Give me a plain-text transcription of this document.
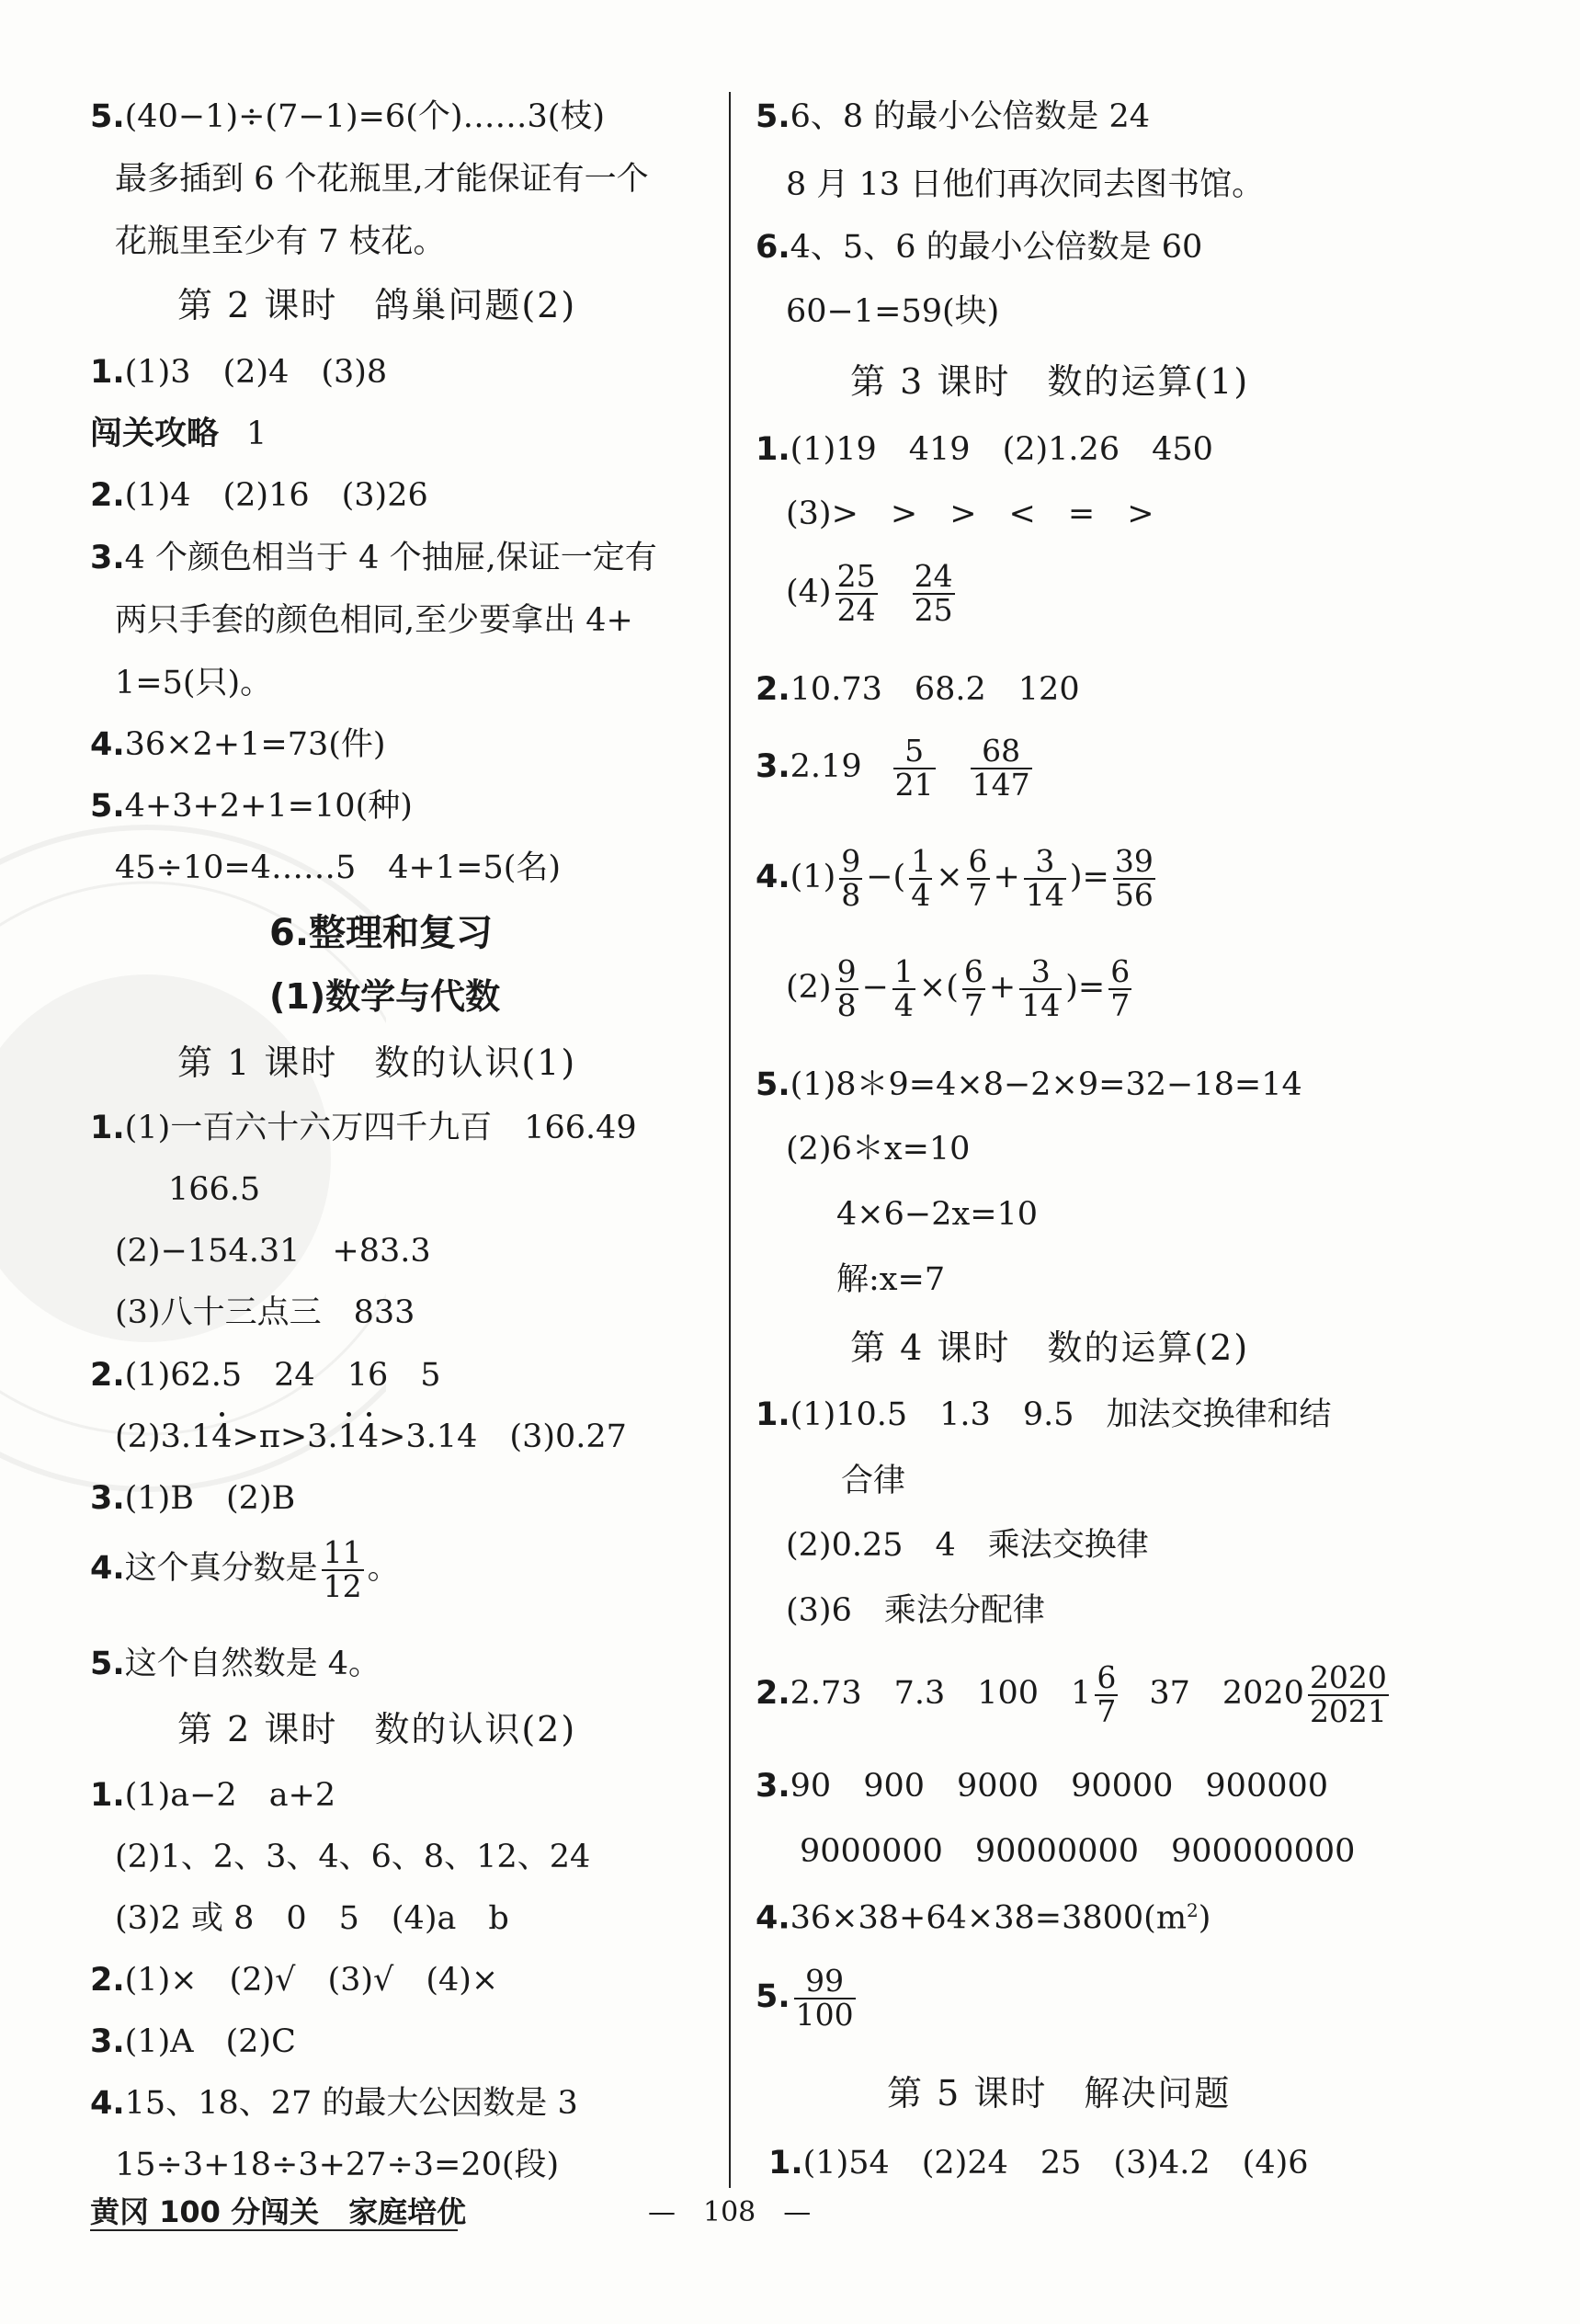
5.(40−1)÷(7−1)=6(个)……3(枝)
最多插到 6 个花瓶里,才能保证有一个
花瓶里至少有 7 枝花。
第 2 课时　鸽巢问题(2)
1.(1)3　(2)4　(3)8
闯关攻略 1
2.(1)4　(2)16　(3)26
3.4 个颜色相当于 4 个抽屉,保证一定有
两只手套的颜色相同,至少要拿出 4+
1=5(只)。
4.36×2+1=73(件)
5.4+3+2+1=10(种)
45÷10=4……5　4+1=5(名)
6.整理和复习
(1)数学与代数
第 1 课时　数的认识(1)
1.(1)一百六十六万四千九百　166.49
166.5
(2)−154.31　+83.3
(3)八十三点三　833
2.(1)62.5　24　16　5
(2)3.14>π>3.14>3.14　(3)0.27
3.(1)B　(2)B
4.这个真分数是 $\frac{11}{12}$ 。
5.这个自然数是 4。
第 2 课时　数的认识(2)
1.(1)a−2　a+2
(2)1、2、3、4、6、8、12、24
(3)2 或 8　0　5　(4)a　b
2.(1)×　(2)√　(3)√　(4)×
3.(1)A　(2)C
4.15、18、27 的最大公因数是 3
15÷3+18÷3+27÷3=20(段)
5.6、8 的最小公倍数是 24
8 月 13 日他们再次同去图书馆。
6.4、5、6 的最小公倍数是 60
60−1=59(块)
第 3 课时　数的运算(1)
1.(1)19　419　(2)1.26　450
(3)>　>　>　<　=　>
$(4) \frac{25}{24} \frac{24}{25}$
2.10.73　68.2　120
$3.2.19 \frac{5}{21} \frac{68}{147}$
$4.(1) \frac{9}{8}$ −( $\frac{1}{4} \times \frac{6}{7} + \frac{3}{14}$ )= $\frac{39}{56}$
$(2) \frac{9}{8} - \frac{1}{4}$ ×( $\frac{6}{7} + \frac{3}{14}$ )= $\frac{6}{7}$
5.(1)8＊9=4×8−2×9=32−18=14
(2)6＊x=10
4×6−2x=10
解:x=7
第 4 课时　数的运算(2)
1.(1)10.5　1.3　9.5　加法交换律和结
合律
(2)0.25　4　乘法交换律
(3)6　乘法分配律
2.2.73　7.3　100　$1 \frac{6}{7} 37$　$2020 \frac{2020}{2021}$
3.90　900　9000　90000　900000
9000000　90000000　900000000
$4.36\times 38+64\times 38=3800(m^2)$
5. $\frac{99}{100}$
第 5 课时　解决问题
1.(1)54　(2)24　25　(3)4.2　(4)6
黄冈 100 分闯关　家庭培优	—　108　—
